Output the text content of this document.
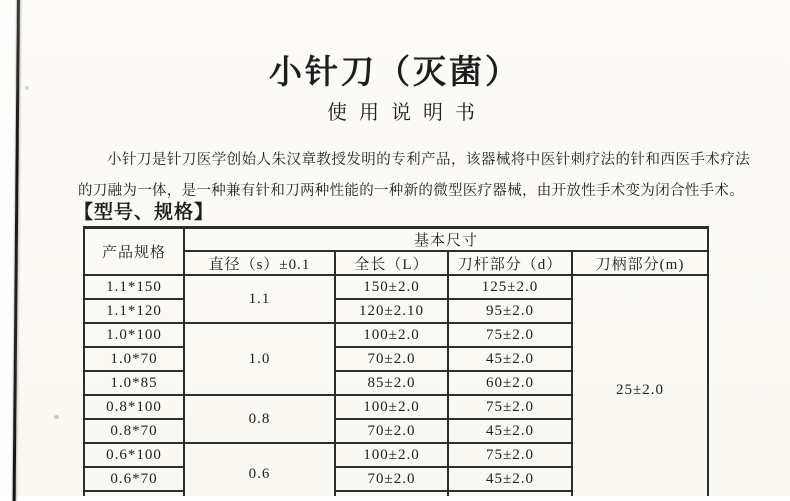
小针刀（灭菌）
使用说明书
小针刀是针刀医学创始人朱汉章教授发明的专利产品，该器械将中医针刺疗法的针和西医手术疗法的刀融为一体，是一种兼有针和刀两种性能的一种新的微型医疗器械，由开放性手术变为闭合性手术。
【型号、规格】
产品规格	基本尺寸			
	直径（s）±0.1	全长（L）	刀杆部分（d）	刀柄部分(m)
1.1*150	1.1	150±2.0	125±2.0	25±2.0
1.1*120		120±2.10	95±2.0	
1.0*100	1.0	100±2.0	75±2.0	
1.0*70		70±2.0	45±2.0	
1.0*85		85±2.0	60±2.0	
0.8*100	0.8	100±2.0	75±2.0	
0.8*70		70±2.0	45±2.0	
0.6*100	0.6	100±2.0	75±2.0	
0.6*70		70±2.0	45±2.0	
